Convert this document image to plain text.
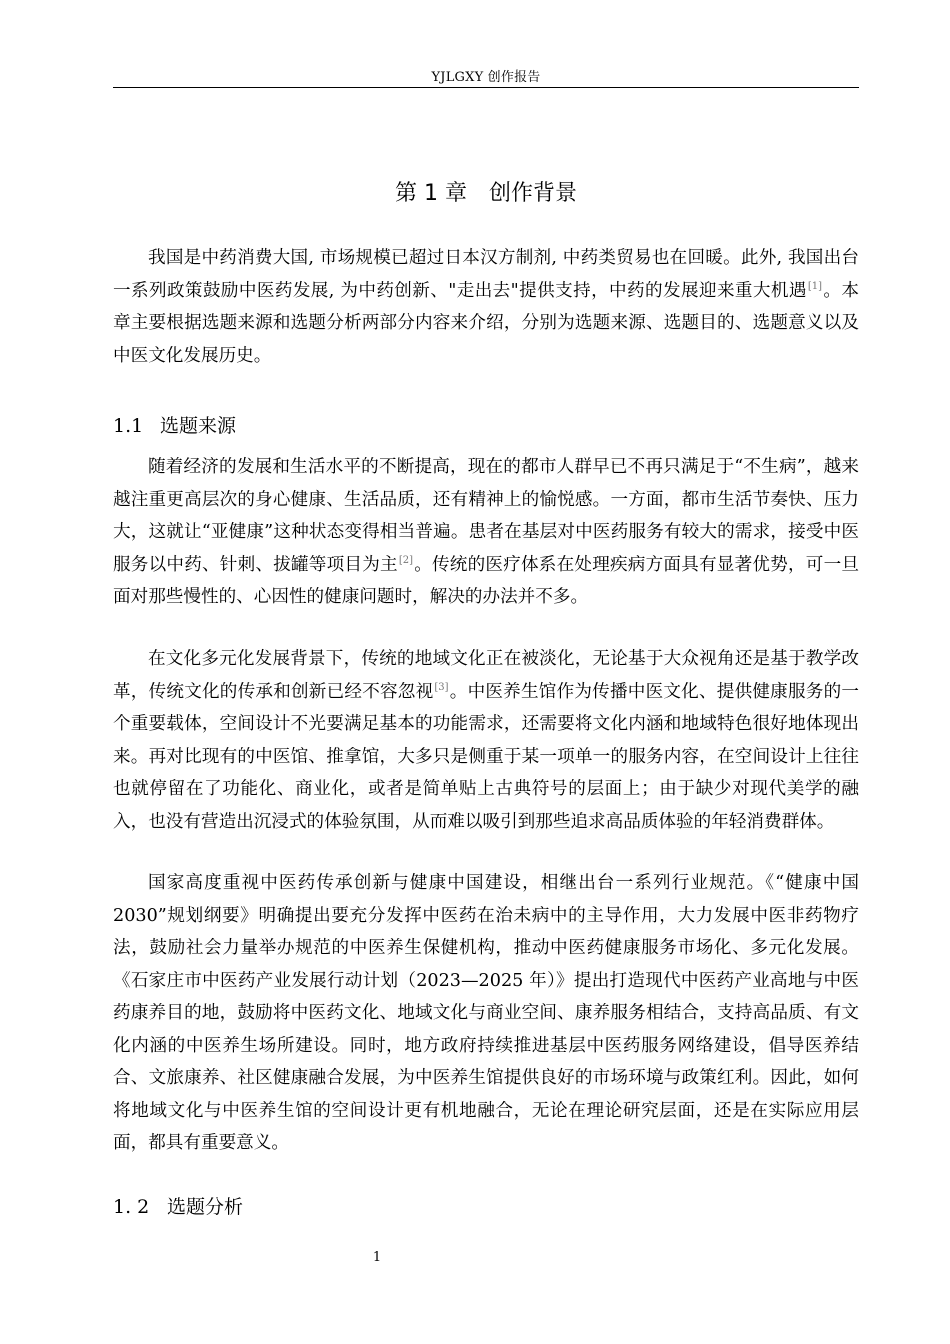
YJLGXY 创作报告
第 1 章 创作背景

我国是中药消费大国, 市场规模已超过日本汉方制剂, 中药类贸易也在回暖。此外, 我国出台一系列政策鼓励中医药发展, 为中药创新、"走出去"提供支持，中药的发展迎来重大机遇[1]。本章主要根据选题来源和选题分析两部分内容来介绍，分别为选题来源、选题目的、选题意义以及中医文化发展历史。

1.1 选题来源

随着经济的发展和生活水平的不断提高，现在的都市人群早已不再只满足于“不生病”，越来越注重更高层次的身心健康、生活品质，还有精神上的愉悦感。一方面，都市生活节奏快、压力大，这就让“亚健康”这种状态变得相当普遍。患者在基层对中医药服务有较大的需求，接受中医服务以中药、针刺、拔罐等项目为主[2]。传统的医疗体系在处理疾病方面具有显著优势，可一旦面对那些慢性的、心因性的健康问题时，解决的办法并不多。

在文化多元化发展背景下，传统的地域文化正在被淡化，无论基于大众视角还是基于教学改革，传统文化的传承和创新已经不容忽视[3]。中医养生馆作为传播中医文化、提供健康服务的一个重要载体，空间设计不光要满足基本的功能需求，还需要将文化内涵和地域特色很好地体现出来。再对比现有的中医馆、推拿馆，大多只是侧重于某一项单一的服务内容，在空间设计上往往也就停留在了功能化、商业化，或者是简单贴上古典符号的层面上；由于缺少对现代美学的融入，也没有营造出沉浸式的体验氛围，从而难以吸引到那些追求高品质体验的年轻消费群体。

国家高度重视中医药传承创新与健康中国建设，相继出台一系列行业规范。《“健康中国 2030”规划纲要》明确提出要充分发挥中医药在治未病中的主导作用，大力发展中医非药物疗法，鼓励社会力量举办规范的中医养生保健机构，推动中医药健康服务市场化、多元化发展。《石家庄市中医药产业发展行动计划（2023—2025 年）》提出打造现代中医药产业高地与中医药康养目的地，鼓励将中医药文化、地域文化与商业空间、康养服务相结合，支持高品质、有文化内涵的中医养生场所建设。同时，地方政府持续推进基层中医药服务网络建设，倡导医养结合、文旅康养、社区健康融合发展，为中医养生馆提供良好的市场环境与政策红利。因此，如何将地域文化与中医养生馆的空间设计更有机地融合，无论在理论研究层面，还是在实际应用层面，都具有重要意义。

1. 2 选题分析
1
